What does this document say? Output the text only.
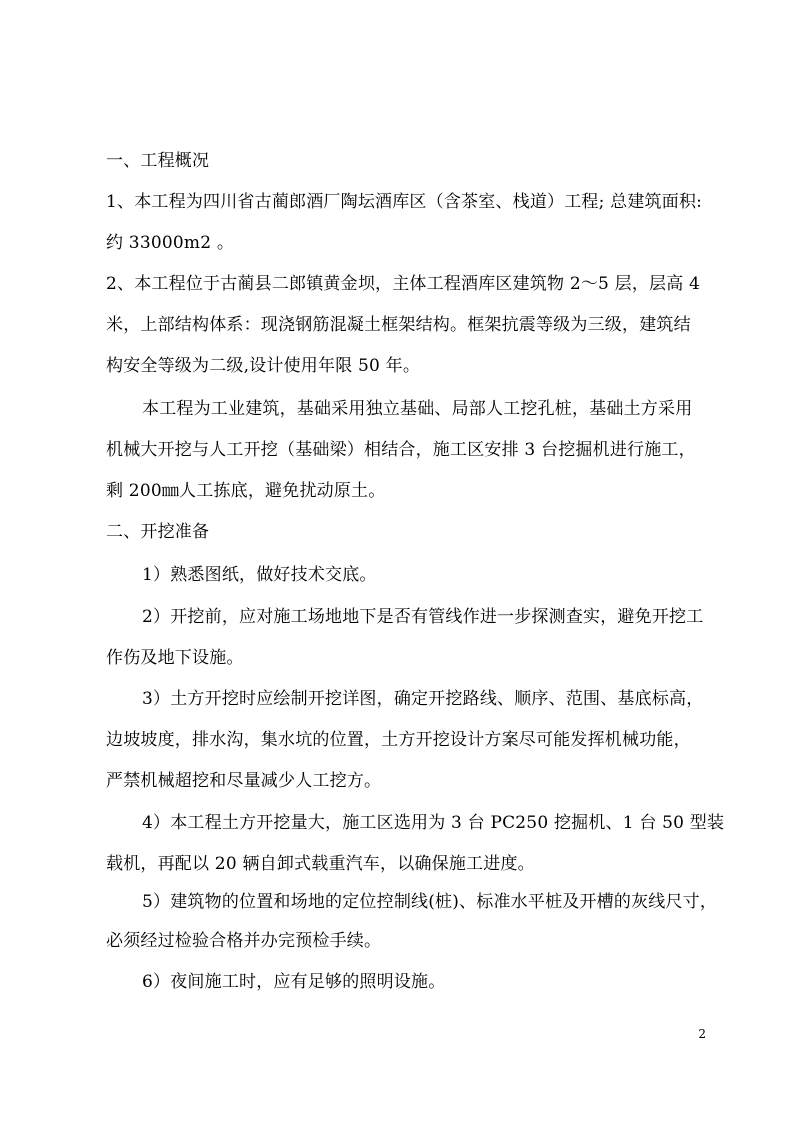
一、工程概况
1、本工程为四川省古蔺郎酒厂陶坛酒库区（含茶室、栈道）工程; 总建筑面积:
约 33000m2 。
2、本工程位于古蔺县二郎镇黄金坝，主体工程酒库区建筑物 2～5 层，层高 4
米，上部结构体系：现浇钢筋混凝土框架结构。框架抗震等级为三级，建筑结
构安全等级为二级,设计使用年限 50 年。
本工程为工业建筑，基础采用独立基础、局部人工挖孔桩，基础土方采用
机械大开挖与人工开挖（基础梁）相结合，施工区安排 3 台挖掘机进行施工，
剩 200㎜人工拣底，避免扰动原土。
二、开挖准备
1）熟悉图纸，做好技术交底。
2）开挖前，应对施工场地地下是否有管线作进一步探测查实，避免开挖工
作伤及地下设施。
3）土方开挖时应绘制开挖详图，确定开挖路线、顺序、范围、基底标高，
边坡坡度，排水沟，集水坑的位置，土方开挖设计方案尽可能发挥机械功能，
严禁机械超挖和尽量减少人工挖方。
4）本工程土方开挖量大，施工区选用为 3 台 PC250 挖掘机、1 台 50 型装
载机，再配以 20 辆自卸式载重汽车，以确保施工进度。
5）建筑物的位置和场地的定位控制线(桩)、标准水平桩及开槽的灰线尺寸，
必须经过检验合格并办完预检手续。
6）夜间施工时，应有足够的照明设施。
2
